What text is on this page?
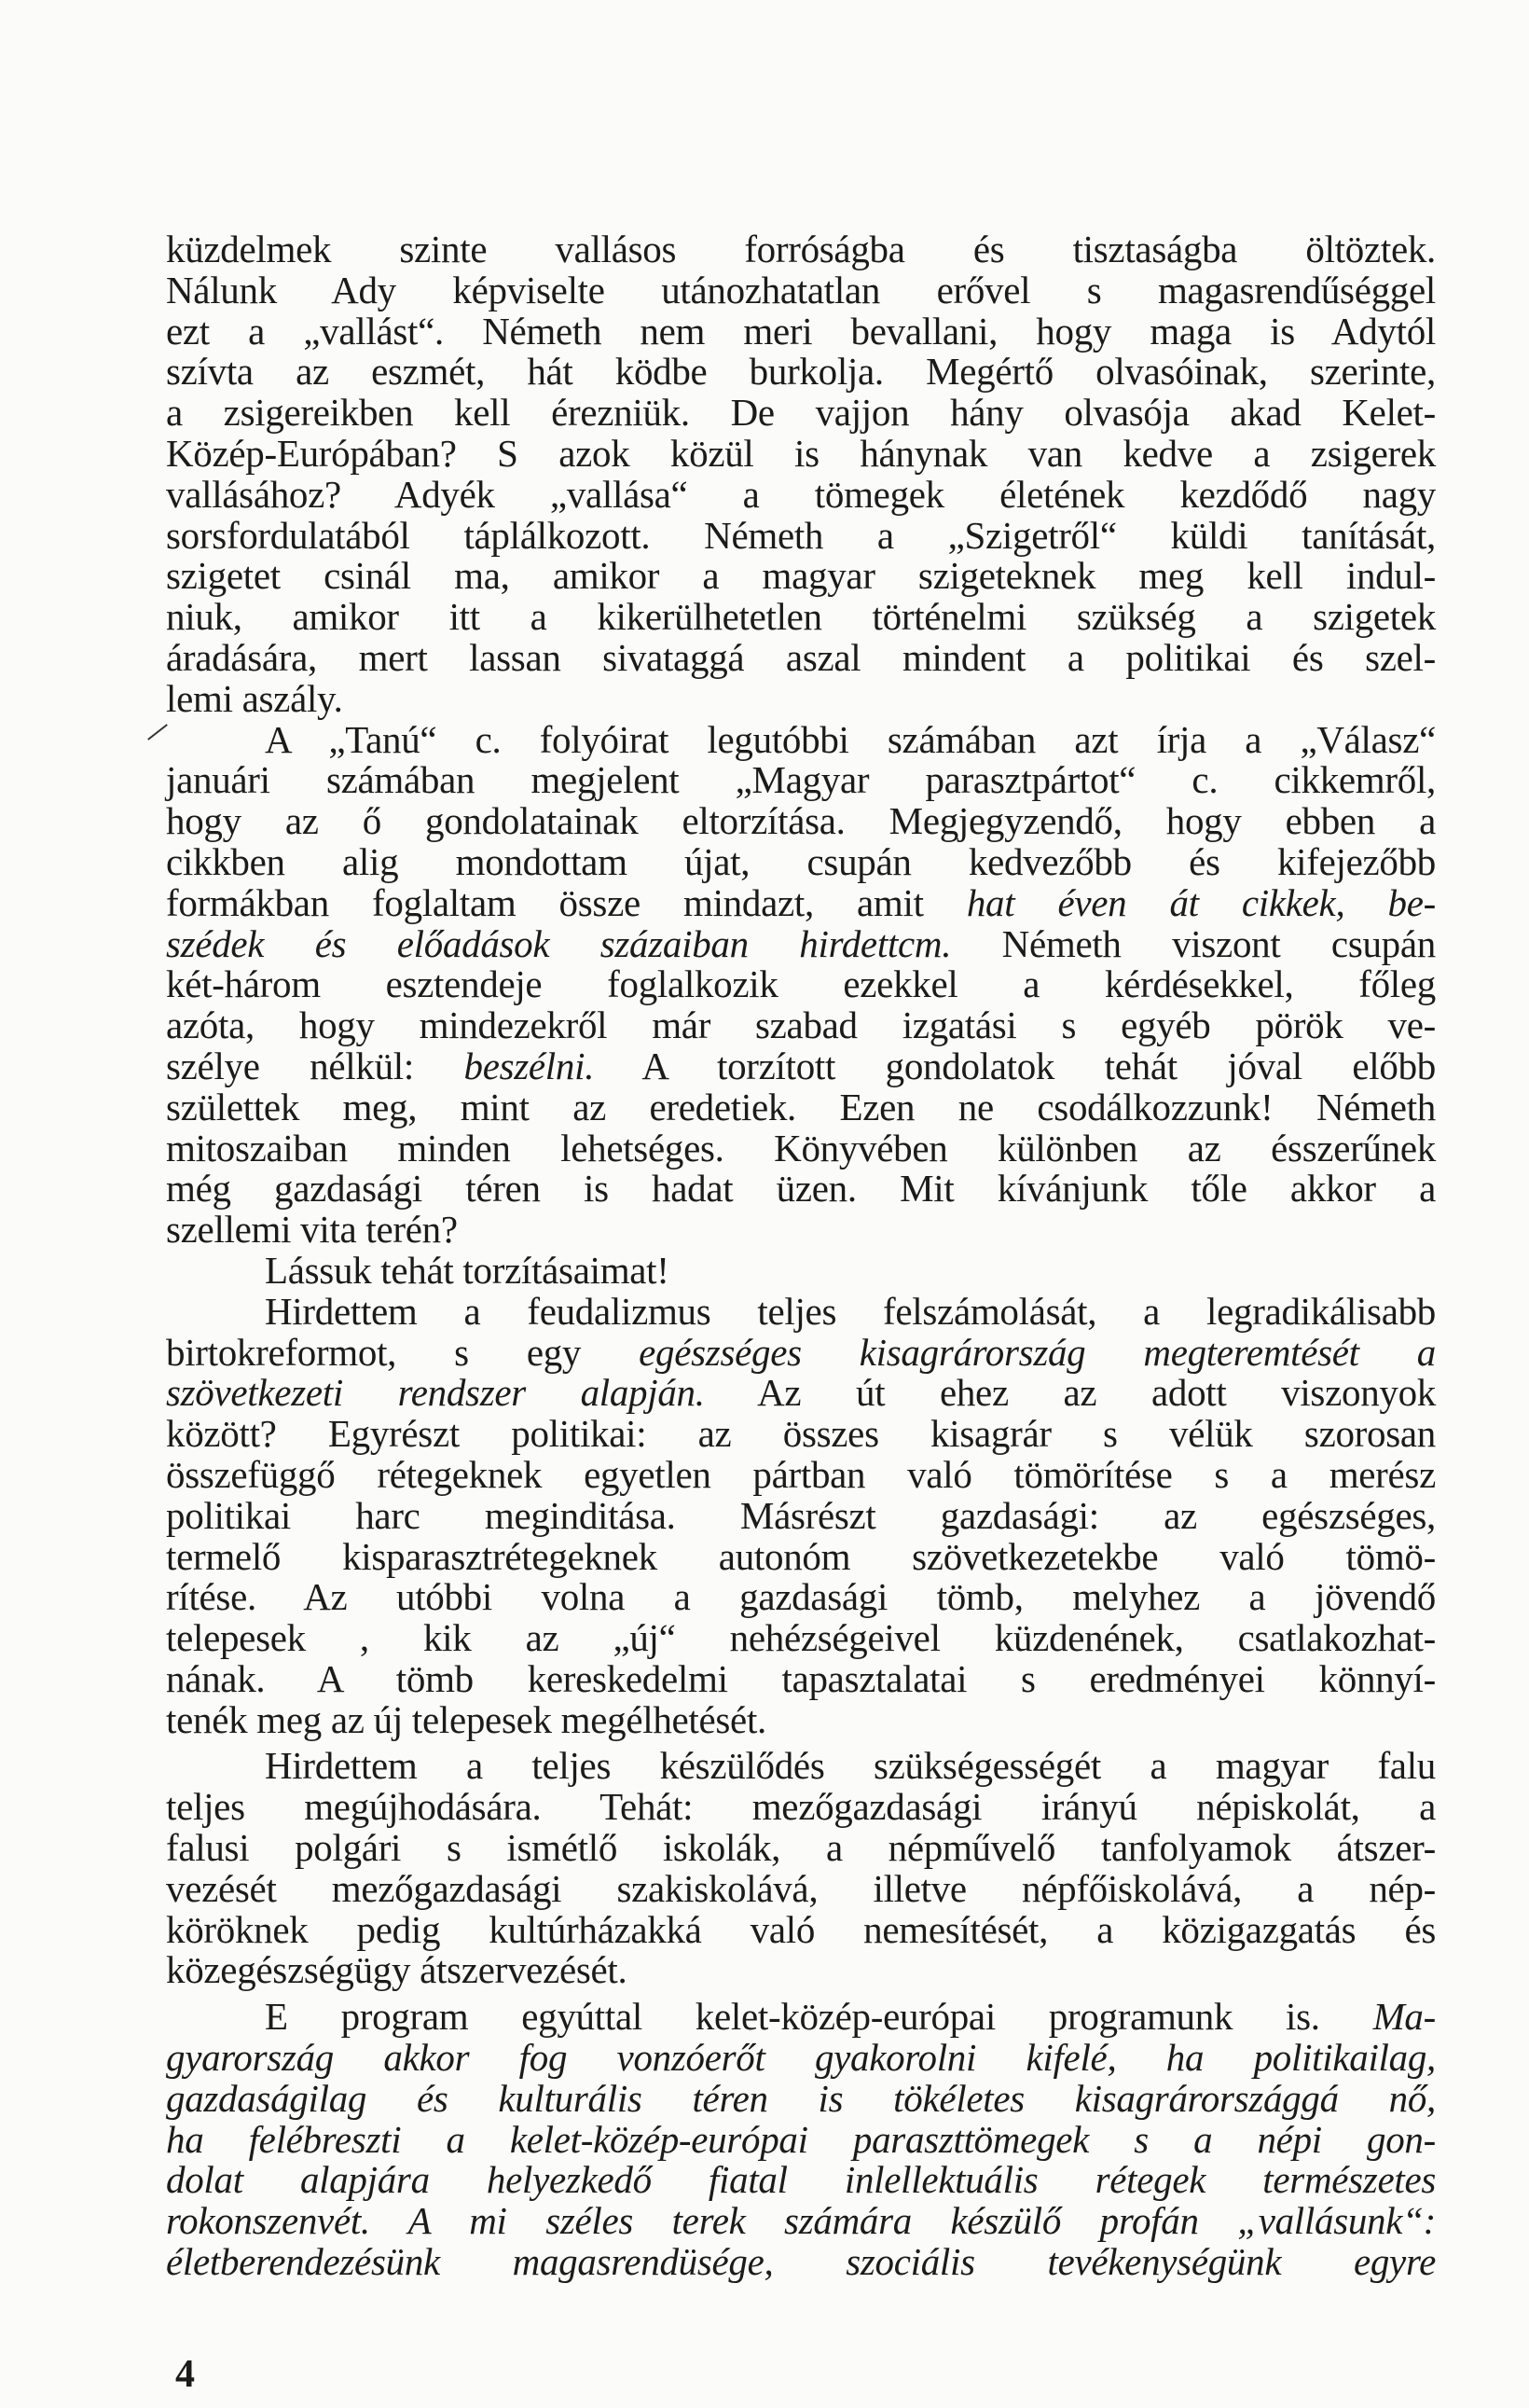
küzdelmek szinte vallásos forróságba és tisztaságba öltöztek.
Nálunk Ady képviselte utánozhatatlan erővel s magasrendűséggel
ezt a „vallást“. Németh nem meri bevallani, hogy maga is Adytól
szívta az eszmét, hát ködbe burkolja. Megértő olvasóinak, szerinte,
a zsigereikben kell érezniük. De vajjon hány olvasója akad Kelet-
Közép-Európában? S azok közül is hánynak van kedve a zsigerek
vallásához? Adyék „vallása“ a tömegek életének kezdődő nagy
sorsfordulatából táplálkozott. Németh a „Szigetről“ küldi tanítását,
szigetet csinál ma, amikor a magyar szigeteknek meg kell indul-
niuk, amikor itt a kikerülhetetlen történelmi szükség a szigetek
áradására, mert lassan sivataggá aszal mindent a politikai és szel-
lemi aszály.
A „Tanú“ c. folyóirat legutóbbi számában azt írja a „Válasz“
januári számában megjelent „Magyar parasztpártot“ c. cikkemről,
hogy az ő gondolatainak eltorzítása. Megjegyzendő, hogy ebben a
cikkben alig mondottam újat, csupán kedvezőbb és kifejezőbb
formákban foglaltam össze mindazt, amit hat éven át cikkek, be-
szédek és előadások százaiban hirdettcm. Németh viszont csupán
két-három esztendeje foglalkozik ezekkel a kérdésekkel, főleg
azóta, hogy mindezekről már szabad izgatási s egyéb pörök ve-
szélye nélkül: beszélni. A torzított gondolatok tehát jóval előbb
születtek meg, mint az eredetiek. Ezen ne csodálkozzunk! Németh
mitoszaiban minden lehetséges. Könyvében különben az ésszerűnek
még gazdasági téren is hadat üzen. Mit kívánjunk tőle akkor a
szellemi vita terén?
Lássuk tehát torzításaimat!
Hirdettem a feudalizmus teljes felszámolását, a legradikálisabb
birtokreformot, s egy egészséges kisagrárország megteremtését a
szövetkezeti rendszer alapján. Az út ehez az adott viszonyok
között? Egyrészt politikai: az összes kisagrár s vélük szorosan
összefüggő rétegeknek egyetlen pártban való tömörítése s a merész
politikai harc meginditása. Másrészt gazdasági: az egészséges,
termelő kisparasztrétegeknek autonóm szövetkezetekbe való tömö-
rítése. Az utóbbi volna a gazdasági tömb, melyhez a jövendő
telepesek , kik az „új“ nehézségeivel küzdenének, csatlakozhat-
nának. A tömb kereskedelmi tapasztalatai s eredményei könnyí-
tenék meg az új telepesek megélhetését.
Hirdettem a teljes készülődés szükségességét a magyar falu
teljes megújhodására. Tehát: mezőgazdasági irányú népiskolát, a
falusi polgári s ismétlő iskolák, a népművelő tanfolyamok átszer-
vezését mezőgazdasági szakiskolává, illetve népfőiskolává, a nép-
köröknek pedig kultúrházakká való nemesítését, a közigazgatás és
közegészségügy átszervezését.
E program egyúttal kelet-közép-európai programunk is. Ma-
gyarország akkor fog vonzóerőt gyakorolni kifelé, ha politikailag,
gazdaságilag és kulturális téren is tökéletes kisagrárországgá nő,
ha felébreszti a kelet-közép-európai paraszttömegek s a népi gon-
dolat alapjára helyezkedő fiatal inlellektuális rétegek természetes
rokonszenvét. A mi széles terek számára készülő profán „vallásunk“:
életberendezésünk magasrendüsége, szociális tevékenységünk egyre
4
